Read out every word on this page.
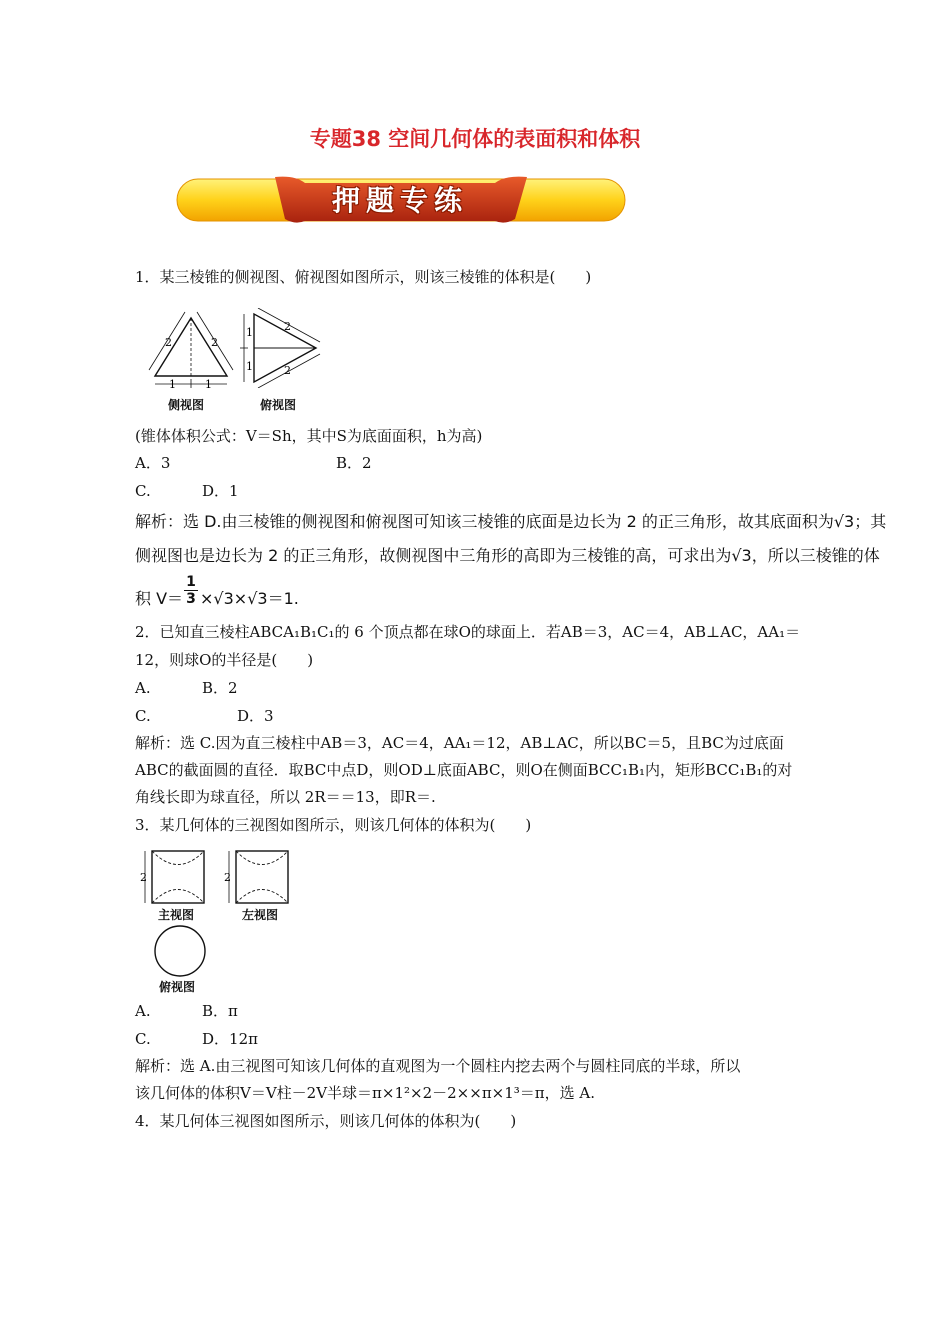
专题38 空间几何体的表面积和体积
押题专练
1．某三棱锥的侧视图、俯视图如图所示，则该三棱锥的体积是(　　)
2	2
1	1
侧视图
1
1
2
2
俯视图
(锥体体积公式：V＝Sh，其中S为底面面积，h为高)
A．3	B．2
C.	D．1
解析：选 D.由三棱锥的侧视图和俯视图可知该三棱锥的底面是边长为 2 的正三角形，故其底面积为√3；其
侧视图也是边长为 2 的正三角形，故侧视图中三角形的高即为三棱锥的高，可求出为√3，所以三棱锥的体
积 $V= \frac{1}{3} \times√3\times√3=1$.
2．已知直三棱柱ABCA₁B₁C₁的 6 个顶点都在球O的球面上．若AB＝3，AC＝4，AB⊥AC，AA₁＝
12，则球O的半径是(　　)
A.	B．2
C.	D．3
解析：选 C.因为直三棱柱中AB＝3，AC＝4，AA₁＝12，AB⊥AC，所以BC＝5，且BC为过底面
ABC的截面圆的直径．取BC中点D，则OD⊥底面ABC，则O在侧面BCC₁B₁内，矩形BCC₁B₁的对
角线长即为球直径，所以 2R＝＝13，即R＝.
3．某几何体的三视图如图所示，则该几何体的体积为(　　)
2
主视图
2
左视图
俯视图
A.	B．π
C.	D．12π
解析：选 A.由三视图可知该几何体的直观图为一个圆柱内挖去两个与圆柱同底的半球，所以
该几何体的体积V＝V柱－2V半球＝π×1²×2－2××π×1³＝π，选 A.
4．某几何体三视图如图所示，则该几何体的体积为(　　)
